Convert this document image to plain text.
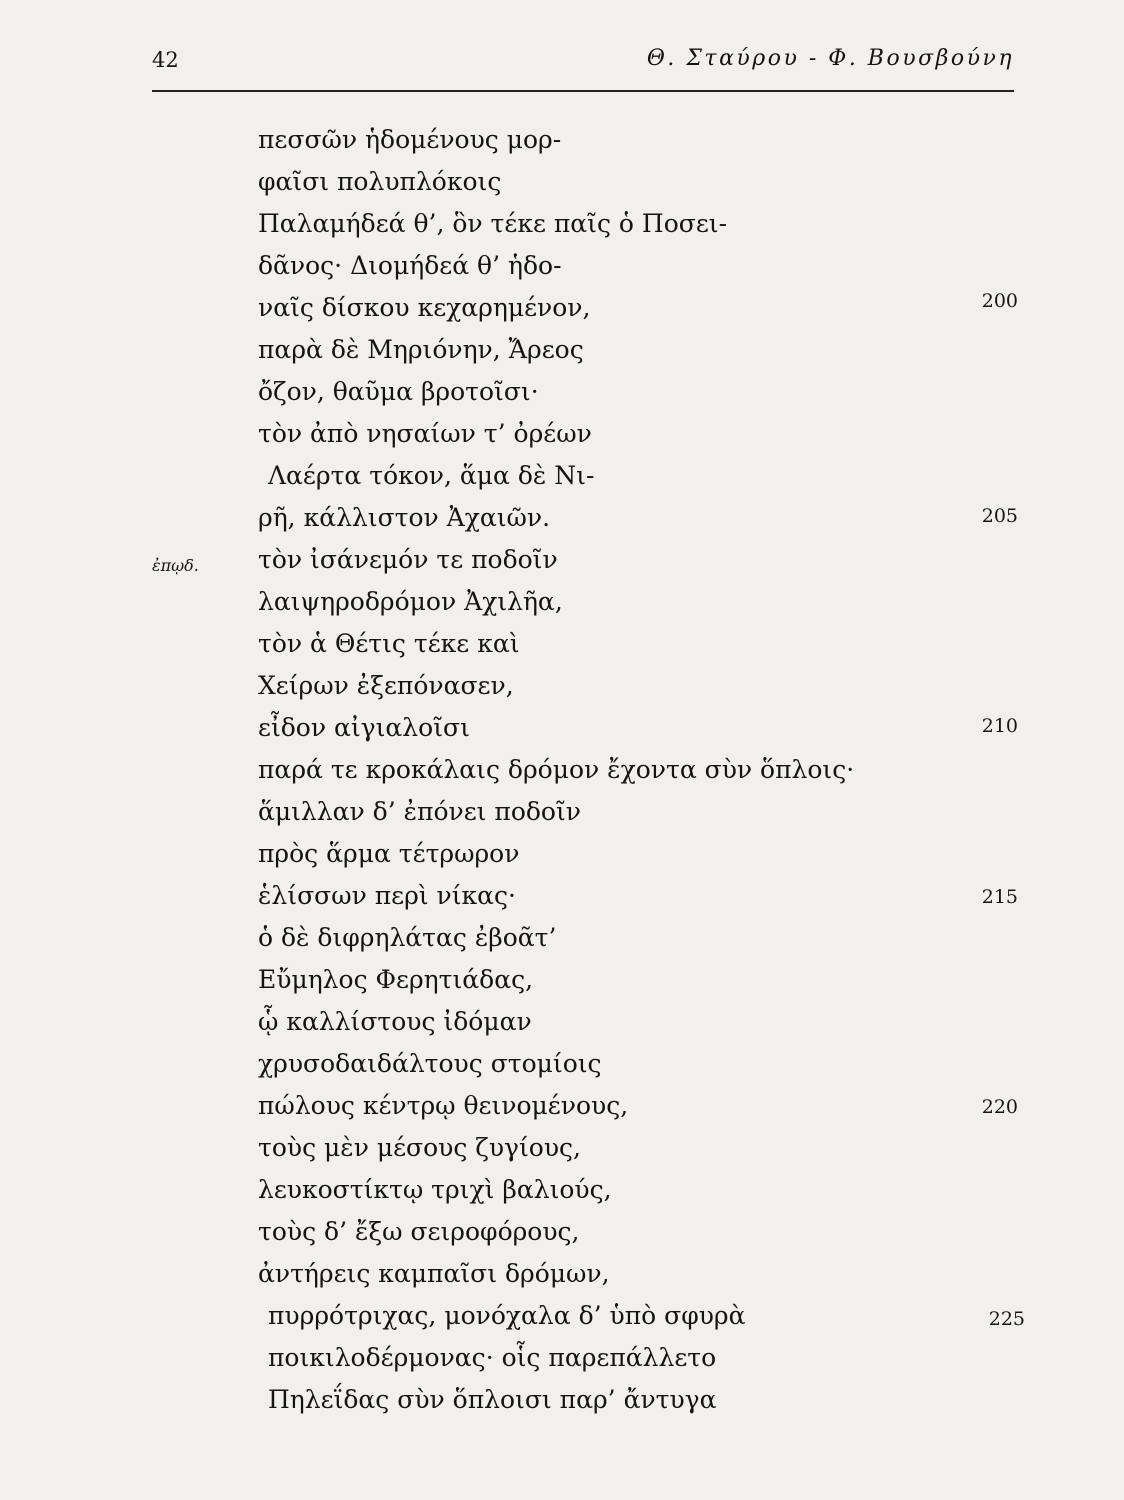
42	Θ. Σταύρου - Φ. Βουσβούνη
πεσσῶν ἡδομένους μορ-
φαῖσι πολυπλόκοις
Παλαμήδεά θ’, ὃν τέκε παῖς ὁ Ποσει-
δᾶνος· Διομήδεά θ’ ἡδο-
ναῖς δίσκου κεχαρημένον,
παρὰ δὲ Μηριόνην, Ἄρεος
ὄζον, θαῦμα βροτοῖσι·
τὸν ἀπὸ νησαίων τ’ ὀρέων
Λαέρτα τόκον, ἅμα δὲ Νι-
ρῆ, κάλλιστον Ἀχαιῶν.
τὸν ἰσάνεμόν τε ποδοῖν
λαιψηροδρόμον Ἀχιλῆα,
τὸν ἁ Θέτις τέκε καὶ
Χείρων ἐξεπόνασεν,
εἶδον αἰγιαλοῖσι
παρά τε κροκάλαις δρόμον ἔχοντα σὺν ὅπλοις·
ἅμιλλαν δ’ ἐπόνει ποδοῖν
πρὸς ἅρμα τέτρωρον
ἑλίσσων περὶ νίκας·
ὁ δὲ διφρηλάτας ἐβοᾶτ’
Εὔμηλος Φερητιάδας,
ᾧ καλλίστους ἰδόμαν
χρυσοδαιδάλτους στομίοις
πώλους κέντρῳ θεινομένους,
τοὺς μὲν μέσους ζυγίους,
λευκοστίκτῳ τριχὶ βαλιούς,
τοὺς δ’ ἔξω σειροφόρους,
ἀντήρεις καμπαῖσι δρόμων,
πυρρότριχας, μονόχαλα δ’ ὑπὸ σφυρὰ
ποικιλοδέρμονας· οἷς παρεπάλλετο
Πηλεΐδας σὺν ὅπλοισι παρ’ ἄντυγα
ἐπῳδ.
200
205
210
215
220
225
